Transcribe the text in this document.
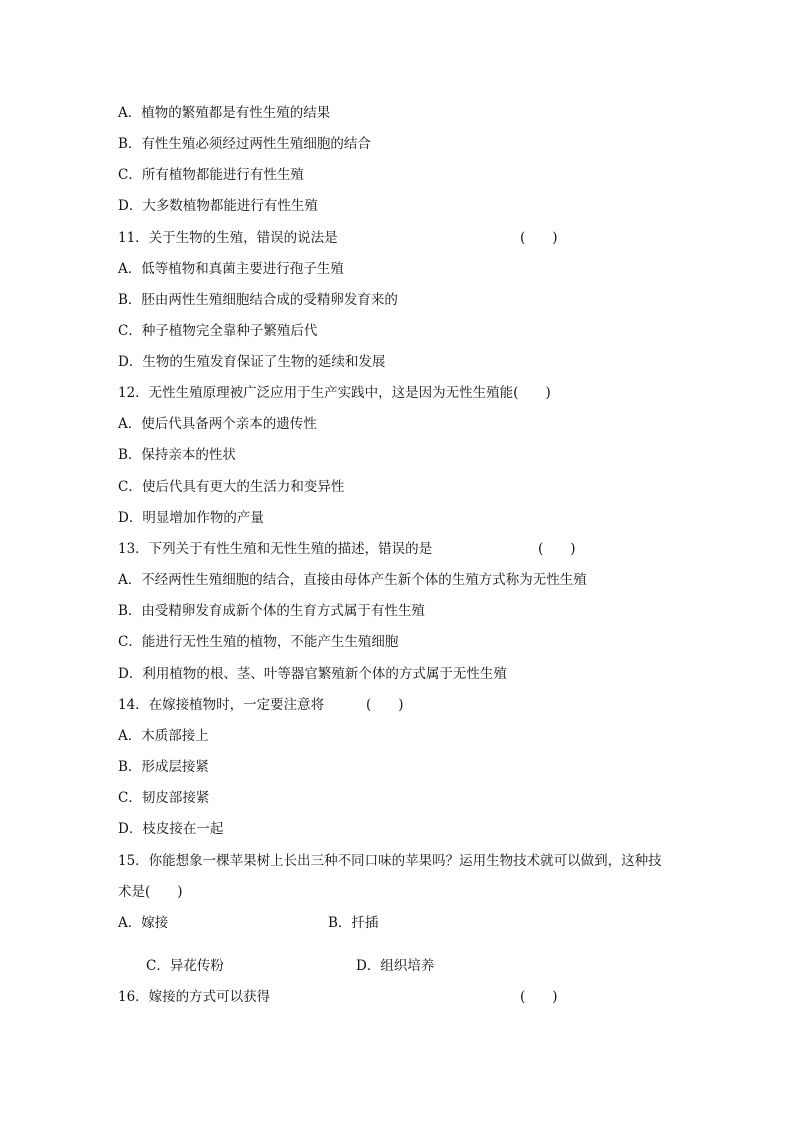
A．植物的繁殖都是有性生殖的结果
B．有性生殖必须经过两性生殖细胞的结合
C．所有植物都能进行有性生殖
D．大多数植物都能进行有性生殖
11．关于生物的生殖，错误的说法是	(　　)
A．低等植物和真菌主要进行孢子生殖
B．胚由两性生殖细胞结合成的受精卵发育来的
C．种子植物完全靠种子繁殖后代
D．生物的生殖发育保证了生物的延续和发展
12．无性生殖原理被广泛应用于生产实践中，这是因为无性生殖能(　　)
A．使后代具备两个亲本的遗传性
B．保持亲本的性状
C．使后代具有更大的生活力和变异性
D．明显增加作物的产量
13．下列关于有性生殖和无性生殖的描述，错误的是	(　　)
A．不经两性生殖细胞的结合，直接由母体产生新个体的生殖方式称为无性生殖
B．由受精卵发育成新个体的生育方式属于有性生殖
C．能进行无性生殖的植物，不能产生生殖细胞
D．利用植物的根、茎、叶等器官繁殖新个体的方式属于无性生殖
14．在嫁接植物时，一定要注意将	(　　)
A．木质部接上
B．形成层接紧
C．韧皮部接紧
D．枝皮接在一起
15．你能想象一棵苹果树上长出三种不同口味的苹果吗？运用生物技术就可以做到，这种技
术是(　　)
A．嫁接	B．扦插
C．异花传粉	D．组织培养
16．嫁接的方式可以获得	(　　)
